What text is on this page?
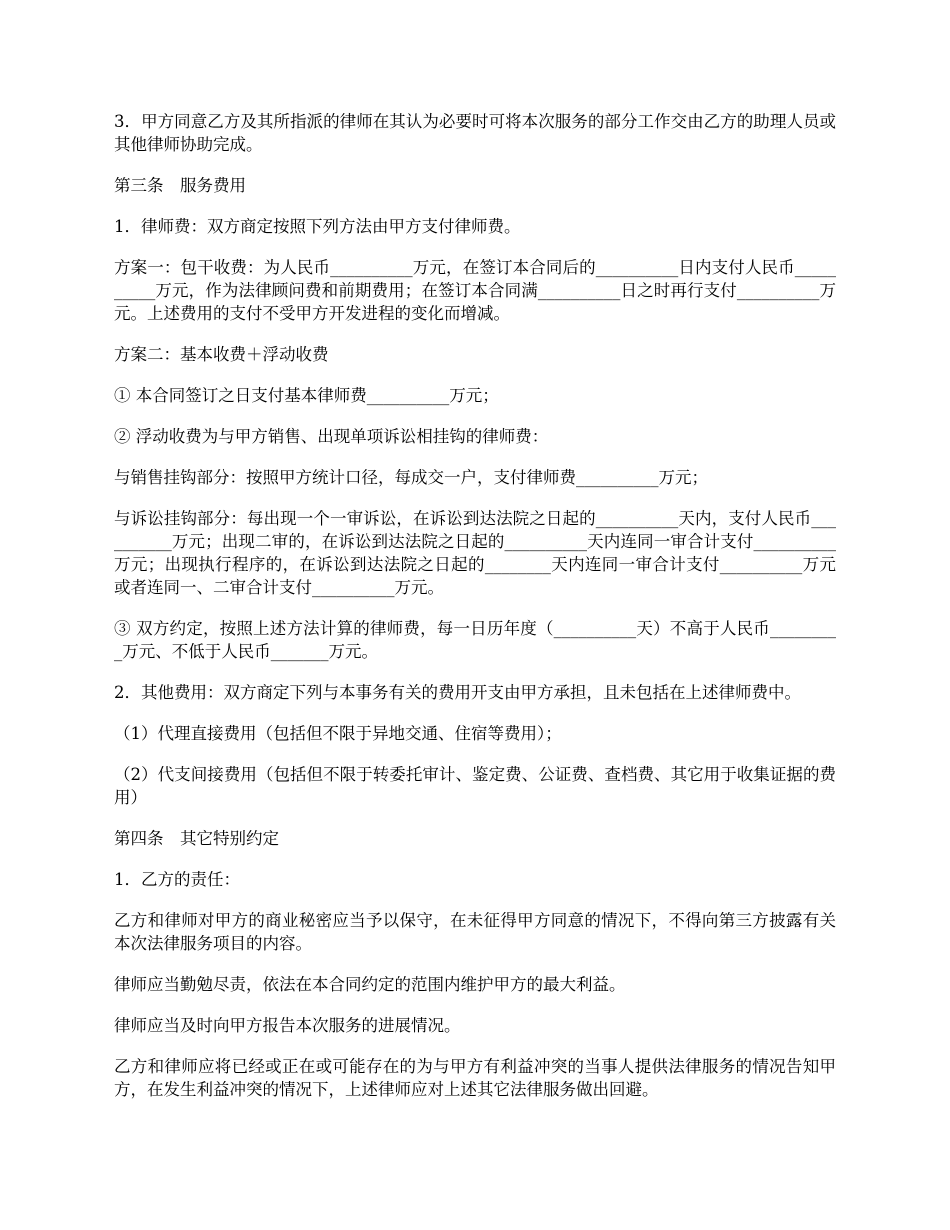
3．甲方同意乙方及其所指派的律师在其认为必要时可将本次服务的部分工作交由乙方的助理人员或其他律师协助完成。

第三条　服务费用

1．律师费：双方商定按照下列方法由甲方支付律师费。

方案一：包干收费：为人民币__________万元，在签订本合同后的__________日内支付人民币__________万元，作为法律顾问费和前期费用；在签订本合同满__________日之时再行支付__________万元。上述费用的支付不受甲方开发进程的变化而增减。

方案二：基本收费＋浮动收费

① 本合同签订之日支付基本律师费__________万元；

② 浮动收费为与甲方销售、出现单项诉讼相挂钩的律师费：

与销售挂钩部分：按照甲方统计口径，每成交一户，支付律师费__________万元；

与诉讼挂钩部分：每出现一个一审诉讼，在诉讼到达法院之日起的__________天内，支付人民币__________万元；出现二审的，在诉讼到达法院之日起的__________天内连同一审合计支付__________万元；出现执行程序的，在诉讼到达法院之日起的________天内连同一审合计支付__________万元或者连同一、二审合计支付__________万元。

③ 双方约定，按照上述方法计算的律师费，每一日历年度（__________天）不高于人民币_________万元、不低于人民币_______万元。

2．其他费用：双方商定下列与本事务有关的费用开支由甲方承担，且未包括在上述律师费中。

（1）代理直接费用（包括但不限于异地交通、住宿等费用）；

（2）代支间接费用（包括但不限于转委托审计、鉴定费、公证费、查档费、其它用于收集证据的费用）

第四条　其它特别约定

1．乙方的责任：

乙方和律师对甲方的商业秘密应当予以保守，在未征得甲方同意的情况下，不得向第三方披露有关本次法律服务项目的内容。

律师应当勤勉尽责，依法在本合同约定的范围内维护甲方的最大利益。

律师应当及时向甲方报告本次服务的进展情况。

乙方和律师应将已经或正在或可能存在的为与甲方有利益冲突的当事人提供法律服务的情况告知甲方，在发生利益冲突的情况下，上述律师应对上述其它法律服务做出回避。
